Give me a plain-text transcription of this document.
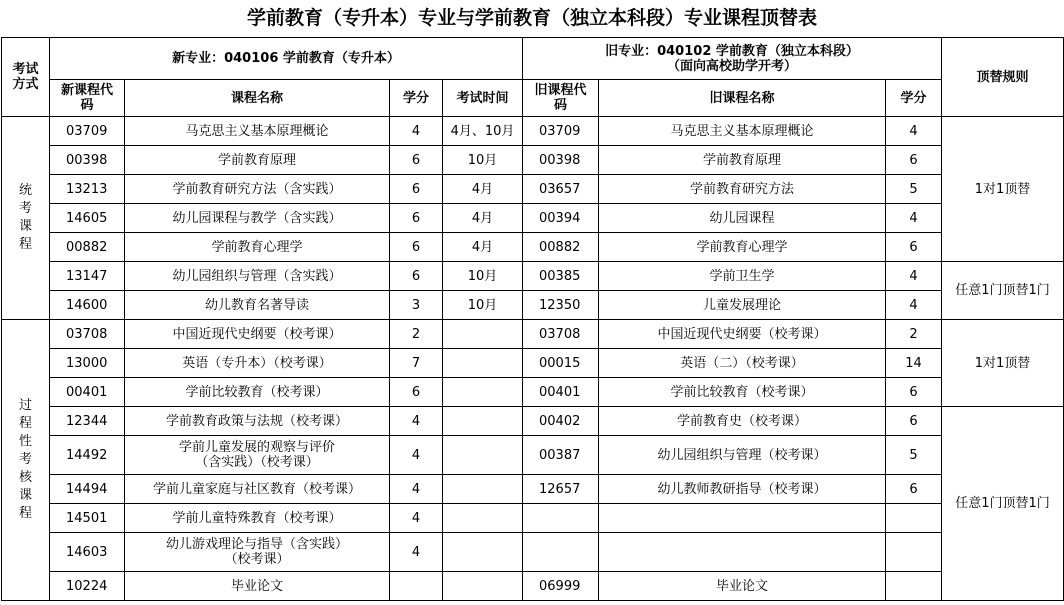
学前教育（专升本）专业与学前教育（独立本科段）专业课程顶替表
考试方式	新专业：040106 学前教育（专升本）				旧专业：040102 学前教育（独立本科段）
（面向高校助学开考）			顶替规则
	新课程代码	课程名称	学分	考试时间	旧课程代码	旧课程名称	学分	
统考课程	03709	马克思主义基本原理概论	4	4月、10月	03709	马克思主义基本原理概论	4	1对1顶替
	00398	学前教育原理	6	10月	00398	学前教育原理	6	
	13213	学前教育研究方法（含实践）	6	4月	03657	学前教育研究方法	5	
	14605	幼儿园课程与教学（含实践）	6	4月	00394	幼儿园课程	4	
	00882	学前教育心理学	6	4月	00882	学前教育心理学	6	
	13147	幼儿园组织与管理（含实践）	6	10月	00385	学前卫生学	4	任意1门顶替1门
	14600	幼儿教育名著导读	3	10月	12350	儿童发展理论	4	
过程性考核课程	03708	中国近现代史纲要（校考课）	2		03708	中国近现代史纲要（校考课）	2	1对1顶替
	13000	英语（专升本）（校考课）	7		00015	英语（二）（校考课）	14	
	00401	学前比较教育（校考课）	6		00401	学前比较教育（校考课）	6	
	12344	学前教育政策与法规（校考课）	4		00402	学前教育史（校考课）	6	任意1门顶替1门
	14492	学前儿童发展的观察与评价
（含实践）（校考课）	4		00387	幼儿园组织与管理（校考课）	5	
	14494	学前儿童家庭与社区教育（校考课）	4		12657	幼儿教师教研指导（校考课）	6	
	14501	学前儿童特殊教育（校考课）	4					
	14603	幼儿游戏理论与指导（含实践）
（校考课）	4					
	10224	毕业论文			06999	毕业论文		
